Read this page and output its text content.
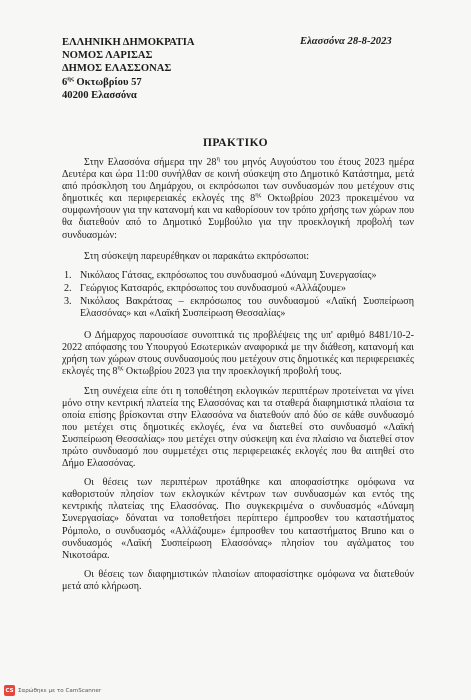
ΕΛΛΗΝΙΚΗ ΔΗΜΟΚΡΑΤΙΑ
ΝΟΜΟΣ ΛΑΡΙΣΑΣ
ΔΗΜΟΣ ΕΛΑΣΣΟΝΑΣ
$6^{\eta\varsigma}$ Οκτωβρίου 57
40200 Ελασσόνα
Ελασσόνα 28-8-2023
ΠΡΑΚΤΙΚΟ

Στην Ελασσόνα σήμερα την $28^\eta$ του μηνός Αυγούστου του έτους 2023 ημέρα Δευτέρα και ώρα 11:00 συνήλθαν σε κοινή σύσκεψη στο Δημοτικό Κατάστημα, μετά από πρόσκληση του Δημάρχου, οι εκπρόσωποι των συνδυασμών που μετέχουν στις δημοτικές και περιφερειακές εκλογές της $8^{\eta\varsigma}$ Οκτωβρίου 2023 προκειμένου να συμφωνήσουν για την κατανομή και να καθορίσουν τον τρόπο χρήσης των χώρων που θα διατεθούν από το Δημοτικό Συμβούλιο για την προεκλογική προβολή των συνδυασμών:

Στη σύσκεψη παρευρέθηκαν οι παρακάτω εκπρόσωποι:

1. Νικόλαος Γάτσας, εκπρόσωπος του συνδυασμού «Δύναμη Συνεργασίας»
2. Γεώργιος Κατσαρός, εκπρόσωπος του συνδυασμού «Αλλάζουμε»
3. Νικόλαος Βακράτσας – εκπρόσωπος του συνδυασμού «Λαϊκή Συσπείρωση Ελασσόνας» και «Λαϊκή Συσπείρωση Θεσσαλίας»

Ο Δήμαρχος παρουσίασε συνοπτικά τις προβλέψεις της υπ' αριθμό 8481/10-2-2022 απόφασης του Υπουργού Εσωτερικών αναφορικά με την διάθεση, κατανομή και χρήση των χώρων στους συνδυασμούς που μετέχουν στις δημοτικές και περιφερειακές εκλογές της $8^{\eta\varsigma}$ Οκτωβρίου 2023 για την προεκλογική προβολή τους.

Στη συνέχεια είπε ότι η τοποθέτηση εκλογικών περιπτέρων προτείνεται να γίνει μόνο στην κεντρική πλατεία της Ελασσόνας και τα σταθερά διαφημιστικά πλαίσια τα οποία επίσης βρίσκονται στην Ελασσόνα να διατεθούν από δύο σε κάθε συνδυασμό που μετέχει στις δημοτικές εκλογές, ένα να διατεθεί στο συνδυασμό «Λαϊκή Συσπείρωση Θεσσαλίας» που μετέχει στην σύσκεψη και ένα πλαίσιο να διατεθεί στον πρώτο συνδυασμό που συμμετέχει στις περιφερειακές εκλογές που θα αιτηθεί στο Δήμο Ελασσόνας.

Οι θέσεις των περιπτέρων προτάθηκε και αποφασίστηκε ομόφωνα να καθοριστούν πλησίον των εκλογικών κέντρων των συνδυασμών και εντός της κεντρικής πλατείας της Ελασσόνας. Πιο συγκεκριμένα ο συνδυασμός «Δύναμη Συνεργασίας» δόναται να τοποθετήσει περίπτερο έμπροσθεν του καταστήματος Ρόμπολο, ο συνδυασμός «Αλλάζουμε» έμπροσθεν του καταστήματος Bruno και ο συνδυασμός «Λαϊκή Συσπείρωση Ελασσόνας» πλησίον του αγάλματος του Νικοτσάρα.

Οι θέσεις των διαφημιστικών πλαισίων αποφασίστηκε ομόφωνα να διατεθούν μετά από κλήρωση.

CS Σαρώθηκε με το CamScanner
